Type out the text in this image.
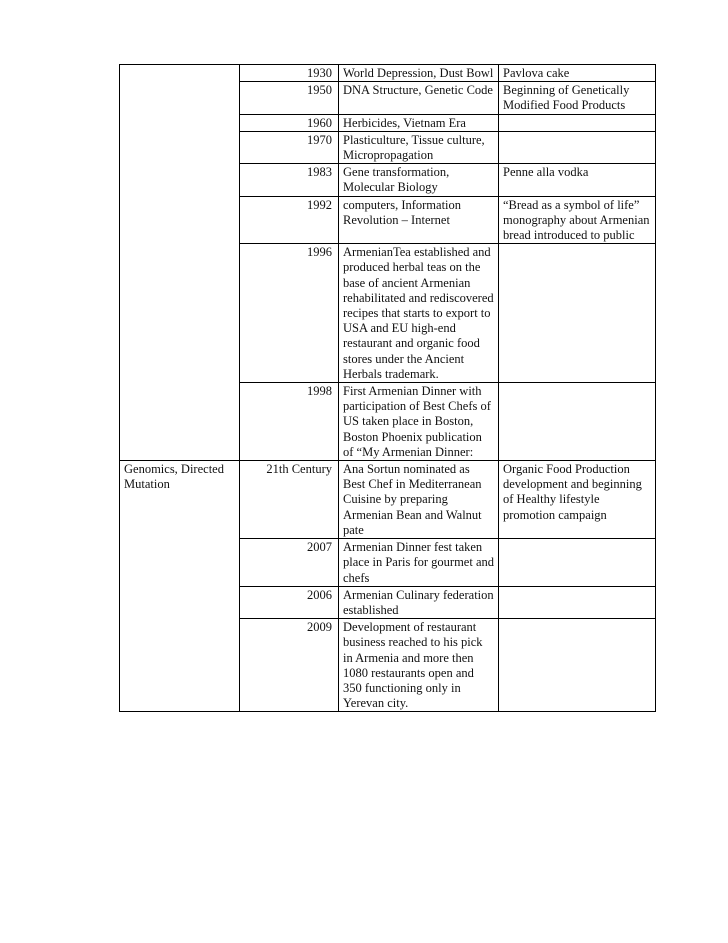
	1930	World Depression, Dust Bowl	Pavlova cake
	1950	DNA Structure, Genetic Code	Beginning of Genetically Modified Food Products
	1960	Herbicides, Vietnam Era	
	1970	Plasticulture, Tissue culture, Micropropagation	
	1983	Gene transformation, Molecular Biology	Penne alla vodka
	1992	computers, Information Revolution – Internet	“Bread as a symbol of life” monography about Armenian bread introduced to public
	1996	ArmenianTea established and produced herbal teas on the base of ancient Armenian rehabilitated and rediscovered recipes that starts to export to USA and EU high-end restaurant and organic food stores under the Ancient Herbals trademark.	
	1998	First Armenian Dinner with participation of Best Chefs of US taken place in Boston, Boston Phoenix publication of “My Armenian Dinner:	
Genomics, Directed Mutation	21th Century	Ana Sortun nominated as Best Chef in Mediterranean Cuisine by preparing Armenian Bean and Walnut pate	Organic Food Production development and beginning of Healthy lifestyle promotion campaign
	2007	Armenian Dinner fest taken place in Paris for gourmet and chefs	
	2006	Armenian Culinary federation established	
	2009	Development of restaurant business reached to his pick in Armenia and more then 1080 restaurants open and 350 functioning only in Yerevan city.	
